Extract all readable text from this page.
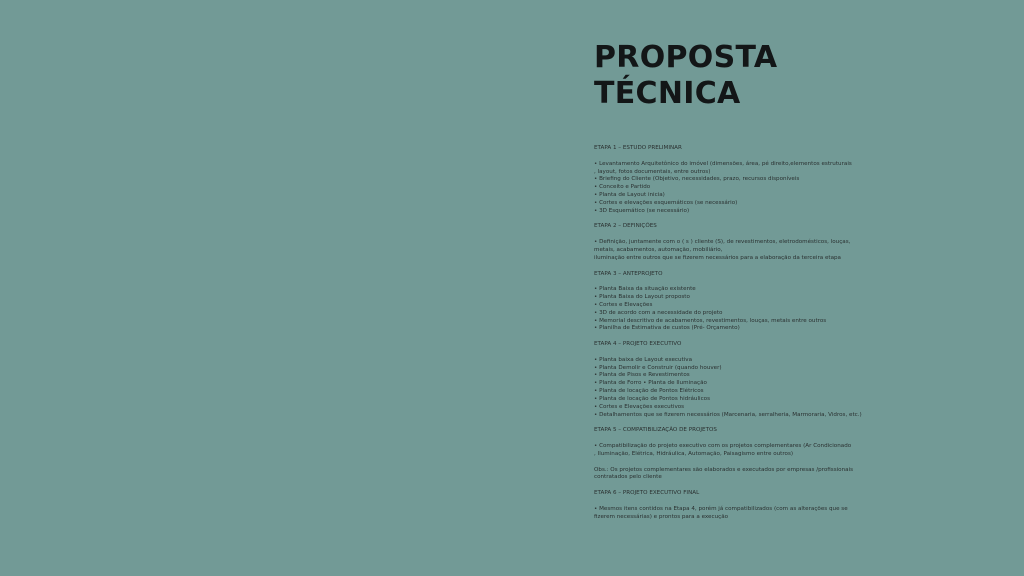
PROPOSTA
TÉCNICA
ETAPA 1 – ESTUDO PRELIMINAR
• Levantamento Arquitetônico do imóvel (dimensões, área, pé direito,elementos estruturais
, layout, fotos documentais, entre outros)
• Briefing do Cliente (Objetivo, necessidades, prazo, recursos disponíveis
• Conceito e Partido
• Planta de Layout inicia)
• Cortes e elevações esquemáticos (se necessário)
• 3D Esquemático (se necessário)
ETAPA 2 – DEFINIÇÕES
• Definição, juntamente com o ( s ) cliente (S), de revestimentos, eletrodomésticos, louças,
metais, acabamentos, automação, mobiliário,
iluminação entre outros que se fizerem necessários para a elaboração da terceira etapa
ETAPA 3 – ANTEPROJETO
• Planta Baixa da situação existente
• Planta Baixa do Layout proposto
• Cortes e Elevações
• 3D de acordo com a necessidade do projeto
• Memorial descritivo de acabamentos, revestimentos, louças, metais entre outros
• Planilha de Estimativa de custos (Pré- Orçamento)
ETAPA 4 – PROJETO EXECUTIVO
• Planta baixa de Layout executiva
• Planta Demolir e Construir (quando houver)
• Planta de Pisos e Revestimentos
• Planta de Forro • Planta de Iluminação
• Planta de locação de Pontos Elétricos
• Planta de locação de Pontos hidráulicos
• Cortes e Elevações executivos
• Detalhamentos que se fizerem necessários (Marcenaria, serralheria, Marmoraria, Vidros, etc.)
ETAPA 5 – COMPATIBILIZAÇÃO DE PROJETOS
• Compatibilização do projeto executivo com os projetos complementares (Ar Condicionado
, Iluminação, Elétrica, Hidráulica, Automação, Paisagismo entre outros)
Obs.: Os projetos complementares são elaborados e executados por empresas /profissionais
contratados pelo cliente
ETAPA 6 – PROJETO EXECUTIVO FINAL
• Mesmos itens contidos na Etapa 4, porém já compatibilizados (com as alterações que se
fizerem necessárias) e prontos para a execução
